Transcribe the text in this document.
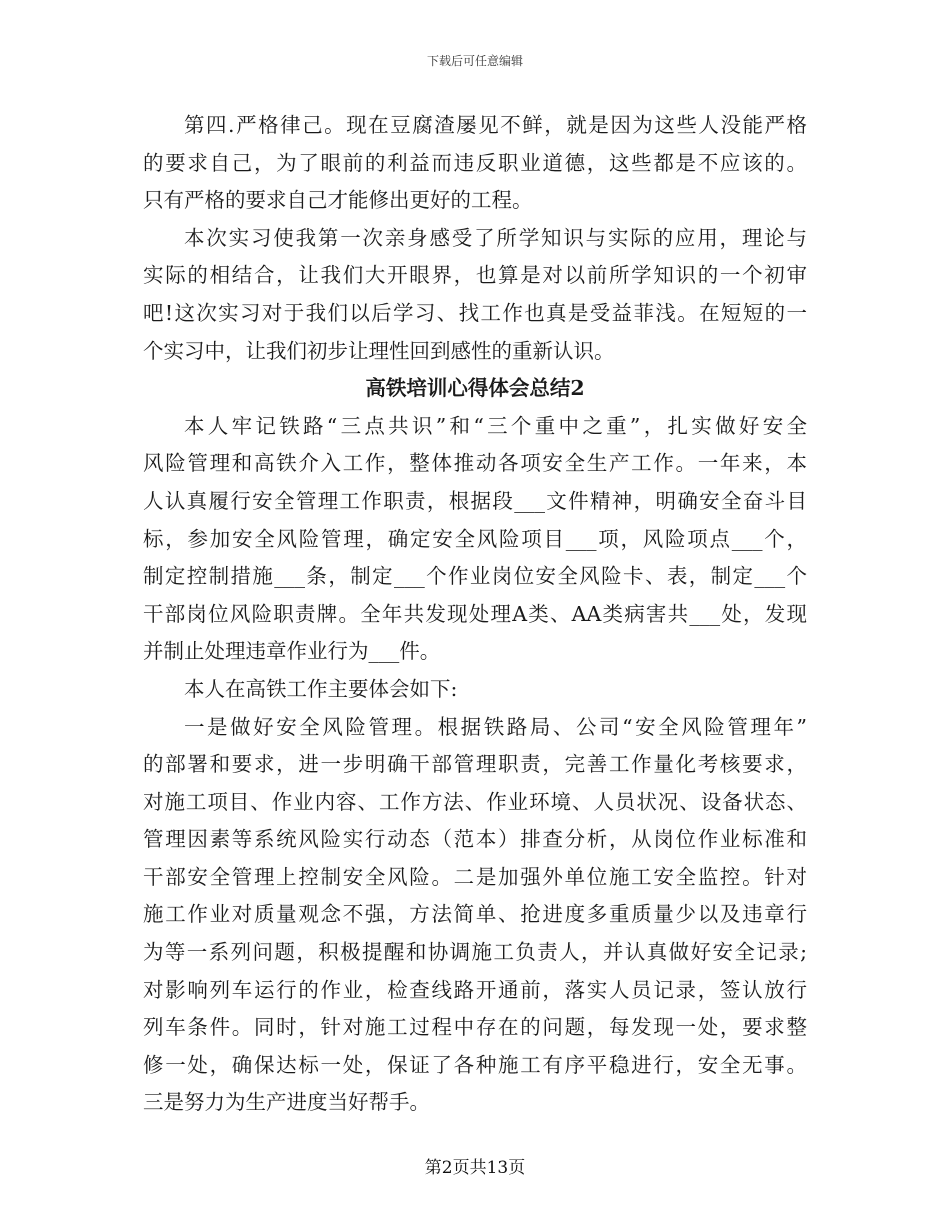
下载后可任意编辑
第四.严格律己。现在豆腐渣屡见不鲜，就是因为这些人没能严格
的要求自己，为了眼前的利益而违反职业道德，这些都是不应该的。
只有严格的要求自己才能修出更好的工程。
本次实习使我第一次亲身感受了所学知识与实际的应用，理论与
实际的相结合，让我们大开眼界，也算是对以前所学知识的一个初审
吧!这次实习对于我们以后学习、找工作也真是受益菲浅。在短短的一
个实习中，让我们初步让理性回到感性的重新认识。
高铁培训心得体会总结2
本人牢记铁路“三点共识”和“三个重中之重”，扎实做好安全
风险管理和高铁介入工作，整体推动各项安全生产工作。一年来，本
人认真履行安全管理工作职责，根据段___文件精神，明确安全奋斗目
标，参加安全风险管理，确定安全风险项目___项，风险项点___个，
制定控制措施___条，制定___个作业岗位安全风险卡、表，制定___个
干部岗位风险职责牌。全年共发现处理A类、AA类病害共___处，发现
并制止处理违章作业行为___件。
本人在高铁工作主要体会如下:
一是做好安全风险管理。根据铁路局、公司“安全风险管理年”
的部署和要求，进一步明确干部管理职责，完善工作量化考核要求，
对施工项目、作业内容、工作方法、作业环境、人员状况、设备状态、
管理因素等系统风险实行动态（范本）排查分析，从岗位作业标准和
干部安全管理上控制安全风险。二是加强外单位施工安全监控。针对
施工作业对质量观念不强，方法简单、抢进度多重质量少以及违章行
为等一系列问题，积极提醒和协调施工负责人，并认真做好安全记录;
对影响列车运行的作业，检查线路开通前，落实人员记录，签认放行
列车条件。同时，针对施工过程中存在的问题，每发现一处，要求整
修一处，确保达标一处，保证了各种施工有序平稳进行，安全无事。
三是努力为生产进度当好帮手。
第2页共13页
